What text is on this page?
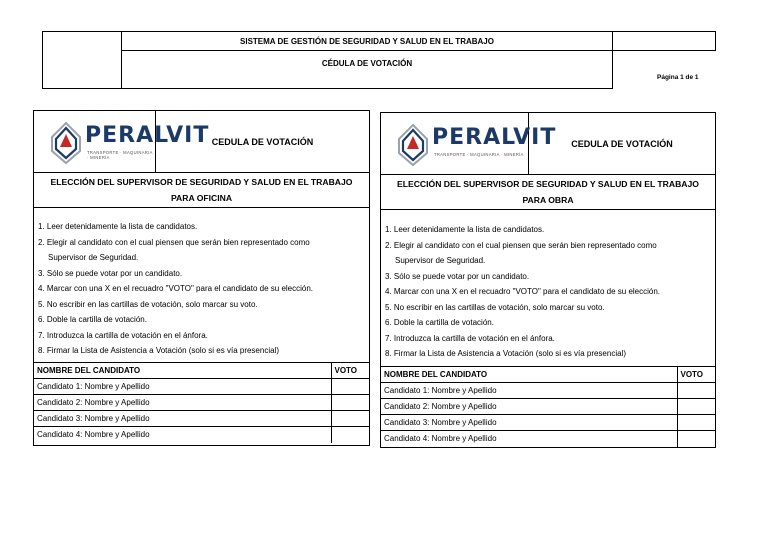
SISTEMA DE GESTIÓN DE SEGURIDAD Y SALUD EN EL TRABAJO
CÉDULA DE VOTACIÓN
Página 1 de 1
PERALVIT
TRANSPORTE · MAQUINARIA · MINERÍA
CEDULA DE VOTACIÓN
ELECCIÓN DEL SUPERVISOR DE SEGURIDAD Y SALUD EN EL TRABAJO
PARA OFICINA
1. Leer detenidamente la lista de candidatos.
2. Elegir al candidato con el cual piensen que serán bien representado como
Supervisor de Seguridad.
3. Sólo se puede votar por un candidato.
4. Marcar con una X en el recuadro "VOTO" para el candidato de su elección.
5. No escribir en las cartillas de votación, solo marcar su voto.
6. Doble la cartilla de votación.
7. Introduzca la cartilla de votación en el ánfora.
8. Firmar la Lista de Asistencia a Votación (solo si es vía presencial)
NOMBRE DEL CANDIDATO	VOTO
Candidato 1: Nombre y Apellido	
Candidato 2: Nombre y Apellido	
Candidato 3: Nombre y Apellido	
Candidato 4: Nombre y Apellido	
PERALVIT
TRANSPORTE · MAQUINARIA · MINERÍA
CEDULA DE VOTACIÓN
ELECCIÓN DEL SUPERVISOR DE SEGURIDAD Y SALUD EN EL TRABAJO
PARA OBRA
1. Leer detenidamente la lista de candidatos.
2. Elegir al candidato con el cual piensen que serán bien representado como
Supervisor de Seguridad.
3. Sólo se puede votar por un candidato.
4. Marcar con una X en el recuadro "VOTO" para el candidato de su elección.
5. No escribir en las cartillas de votación, solo marcar su voto.
6. Doble la cartilla de votación.
7. Introduzca la cartilla de votación en el ánfora.
8. Firmar la Lista de Asistencia a Votación (solo si es vía presencial)
NOMBRE DEL CANDIDATO	VOTO
Candidato 1: Nombre y Apellido	
Candidato 2: Nombre y Apellido	
Candidato 3: Nombre y Apellido	
Candidato 4: Nombre y Apellido	
